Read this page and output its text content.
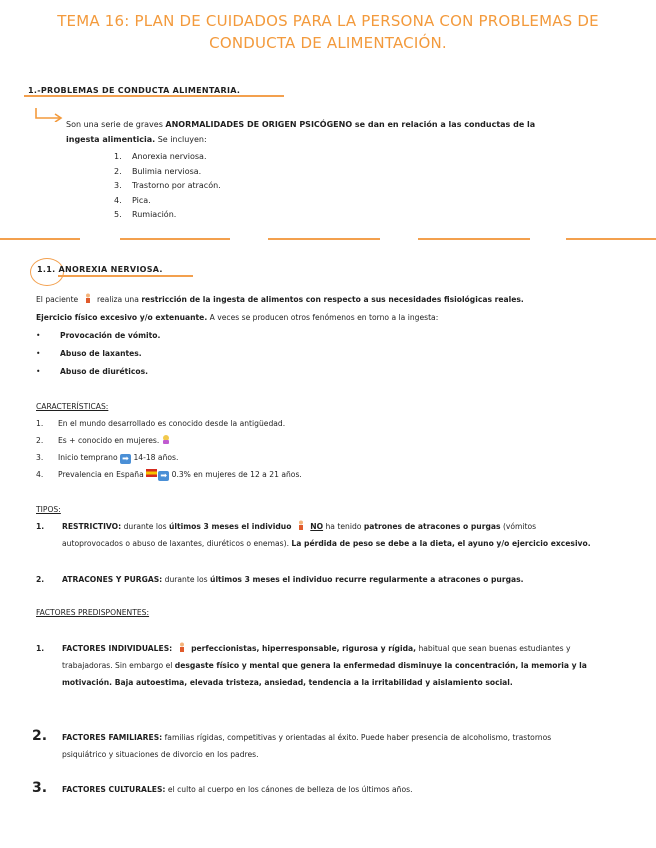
TEMA 16: PLAN DE CUIDADOS PARA LA PERSONA CON PROBLEMAS DE
CONDUCTA DE ALIMENTACIÓN.
1.-PROBLEMAS DE CONDUCTA ALIMENTARIA.
Son una serie de graves ANORMALIDADES DE ORIGEN PSICÓGENO se dan en relación a las conductas de la
ingesta alimenticia. Se incluyen:
1. Anorexia nerviosa.
2. Bulimia nerviosa.
3. Trastorno por atracón.
4. Pica.
5. Rumiación.
1.1. ANOREXIA NERVIOSA.
El paciente  realiza una restricción de la ingesta de alimentos con respecto a sus necesidades fisiológicas reales.
Ejercicio físico excesivo y/o extenuante. A veces se producen otros fenómenos en torno a la ingesta:
•	Provocación de vómito.
•	Abuso de laxantes.
•	Abuso de diuréticos.
CARACTERÍSTICAS:
1. En el mundo desarrollado es conocido desde la antigüedad.
2. Es + conocido en mujeres.
3. Inicio temprano ➡ 14-18 años.
4. Prevalencia en España ➡ 0.3% en mujeres de 12 a 21 años.
TIPOS:
1. RESTRICTIVO: durante los últimos 3 meses el individuo NO ha tenido patrones de atracones o purgas (vómitos autoprovocados o abuso de laxantes, diuréticos o enemas). La pérdida de peso se debe a la dieta, el ayuno y/o ejercicio excesivo.
2. ATRACONES Y PURGAS: durante los últimos 3 meses el individuo recurre regularmente a atracones o purgas.
FACTORES PREDISPONENTES:
1. FACTORES INDIVIDUALES: perfeccionistas, hiperresponsable, rigurosa y rígida, habitual que sean buenas estudiantes y trabajadoras. Sin embargo el desgaste físico y mental que genera la enfermedad disminuye la concentración, la memoria y la motivación. Baja autoestima, elevada tristeza, ansiedad, tendencia a la irritabilidad y aislamiento social.
2. FACTORES FAMILIARES: familias rígidas, competitivas y orientadas al éxito. Puede haber presencia de alcoholismo, trastornos psiquiátrico y situaciones de divorcio en los padres.
3. FACTORES CULTURALES: el culto al cuerpo en los cánones de belleza de los últimos años.
